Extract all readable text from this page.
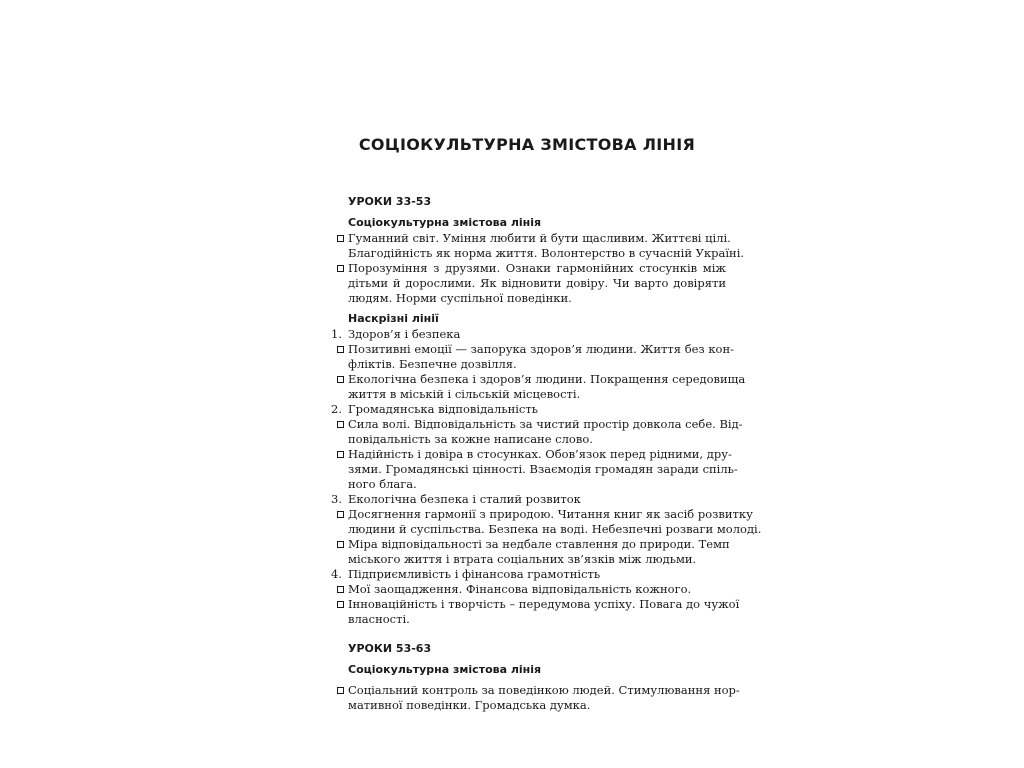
СОЦІОКУЛЬТУРНА ЗМІСТОВА ЛІНІЯ
УРОКИ 33-53
Соціокультурна змістова лінія
Гуманний світ. Уміння любити й бути щасливим. Життєві цілі.
Благодійність як норма життя. Волонтерство в сучасній Україні.
Порозуміння з друзями. Ознаки гармонійних стосунків між
дітьми й дорослими. Як відновити довіру. Чи варто довіряти
людям. Норми суспільної поведінки.
Наскрізні лінії
1. Здоров’я і безпека
Позитивні емоції — запорука здоров’я людини. Життя без кон-
фліктів. Безпечне дозвілля.
Екологічна безпека і здоров’я людини. Покращення середовища
життя в міській і сільській місцевості.
2. Громадянська відповідальність
Сила волі. Відповідальність за чистий простір довкола себе. Від-
повідальність за кожне написане слово.
Надійність і довіра в стосунках. Обов’язок перед рідними, дру-
зями. Громадянські цінності. Взаємодія громадян заради спіль-
ного блага.
3. Екологічна безпека і сталий розвиток
Досягнення гармонії з природою. Читання книг як засіб розвитку
людини й суспільства. Безпека на воді. Небезпечні розваги молоді.
Міра відповідальності за недбале ставлення до природи. Темп
міського життя і втрата соціальних зв’язків між людьми.
4. Підприємливість і фінансова грамотність
Мої заощадження. Фінансова відповідальність кожного.
Інноваційність і творчість – передумова успіху. Повага до чужої
власності.
УРОКИ 53-63
Соціокультурна змістова лінія
Соціальний контроль за поведінкою людей. Стимулювання нор-
мативної поведінки. Громадська думка.
